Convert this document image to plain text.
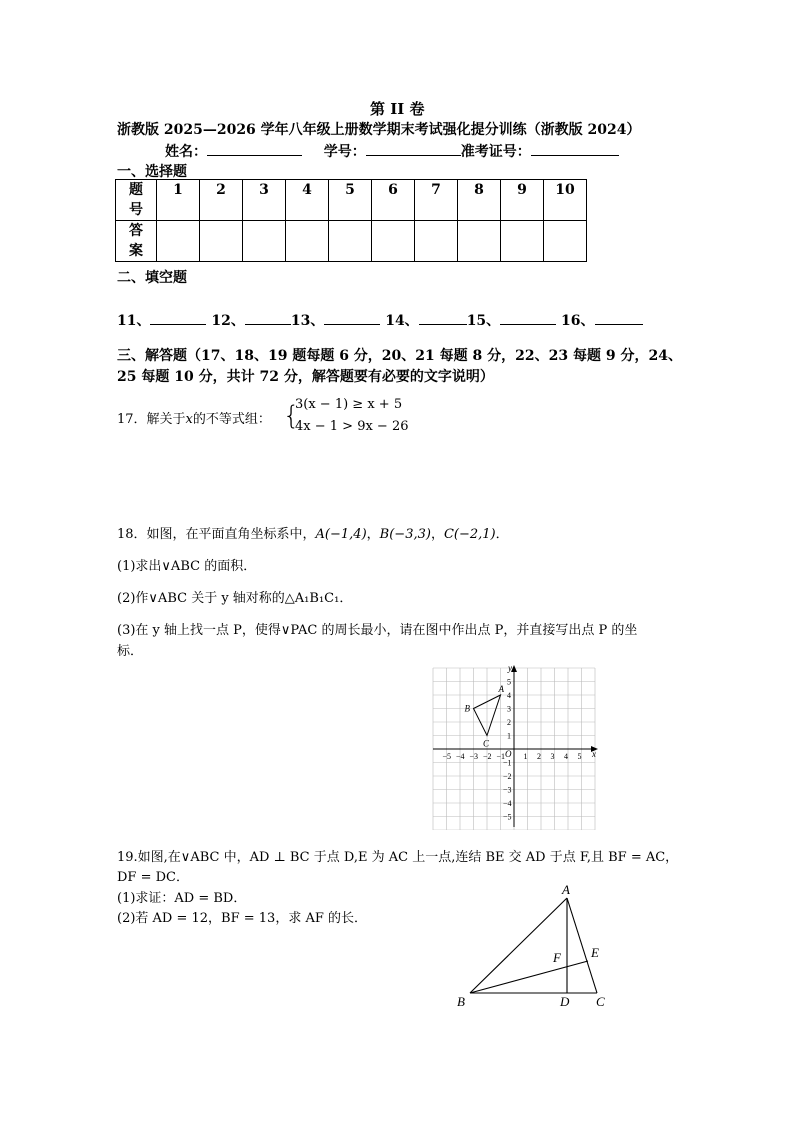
第 II 卷
浙教版 2025—2026 学年八年级上册数学期末考试强化提分训练（浙教版 2024）
姓名：	学号：	准考证号：
一、选择题
题
号	1	2	3	4	5	6	7	8	9	10
答
案										
二、填空题
11、	12、	13、	14、	15、	16、
三、解答题（17、18、19 题每题 6 分，20、21 每题 8 分，22、23 每题 9 分，24、
25 每题 10 分，共计 72 分，解答题要有必要的文字说明）
17．解关于x的不等式组： {
3(x − 1) ≥ x + 5
4x − 1 > 9x − 26
18．如图，在平面直角坐标系中，A(−1,4)，B(−3,3)，C(−2,1)．
(1)求出∨ABC 的面积．
(2)作∨ABC 关于 y 轴对称的△A₁B₁C₁．
(3)在 y 轴上找一点 P，使得∨PAC 的周长最小，请在图中作出点 P，并直接写出点 P 的坐
标．
x
y
O
−5 −4 −3 −2 −1 1 2 3 4 5
5
4
3
2
1
−1
−2
−3
−4
−5
A
B
C
19.如图,在∨ABC 中，AD ⊥ BC 于点 D,E 为 AC 上一点,连结 BE 交 AD 于点 F,且 BF = AC，
DF = DC．
(1)求证：AD = BD．
(2)若 AD = 12，BF = 13，求 AF 的长．
A
B	C
D
E
F
